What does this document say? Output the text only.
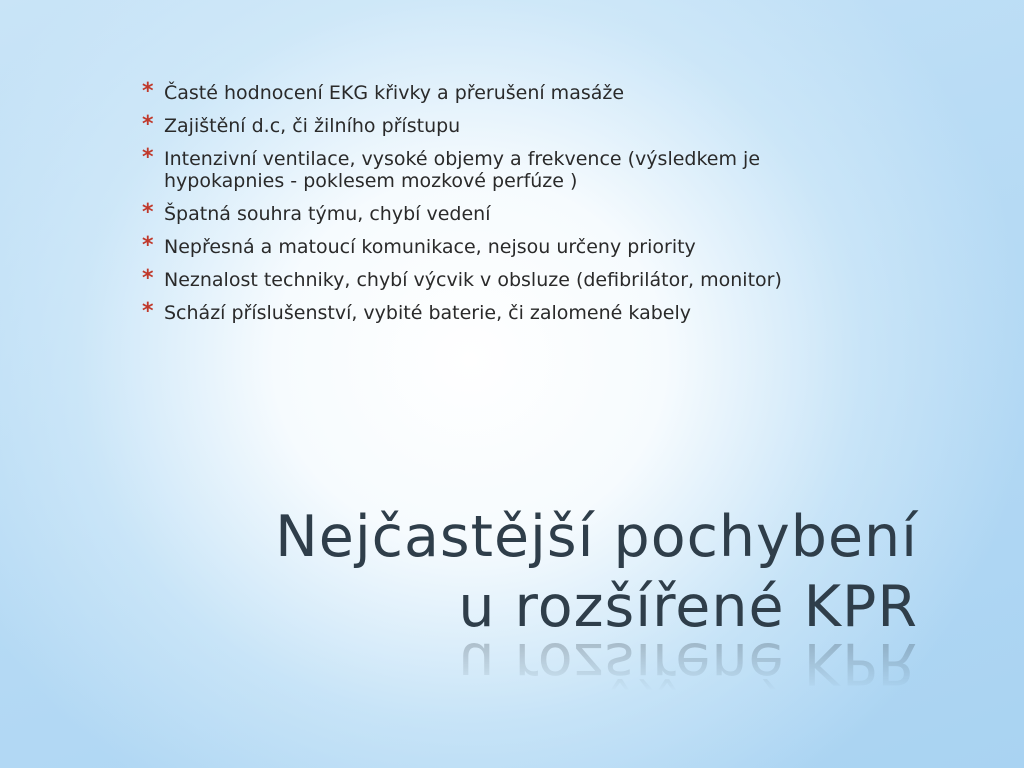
* Časté hodnocení EKG křivky a přerušení masáže
* Zajištění d.c, či žilního přístupu
* Intenzivní ventilace, vysoké objemy a frekvence (výsledkem je hypokapnies - poklesem mozkové perfúze )
* Špatná souhra týmu, chybí vedení
* Nepřesná a matoucí komunikace, nejsou určeny priority
* Neznalost techniky, chybí výcvik v obsluze (defibrilátor, monitor)
* Schází příslušenství, vybité baterie, či zalomené kabely
Nejčastější pochybení
u rozšířené KPR
